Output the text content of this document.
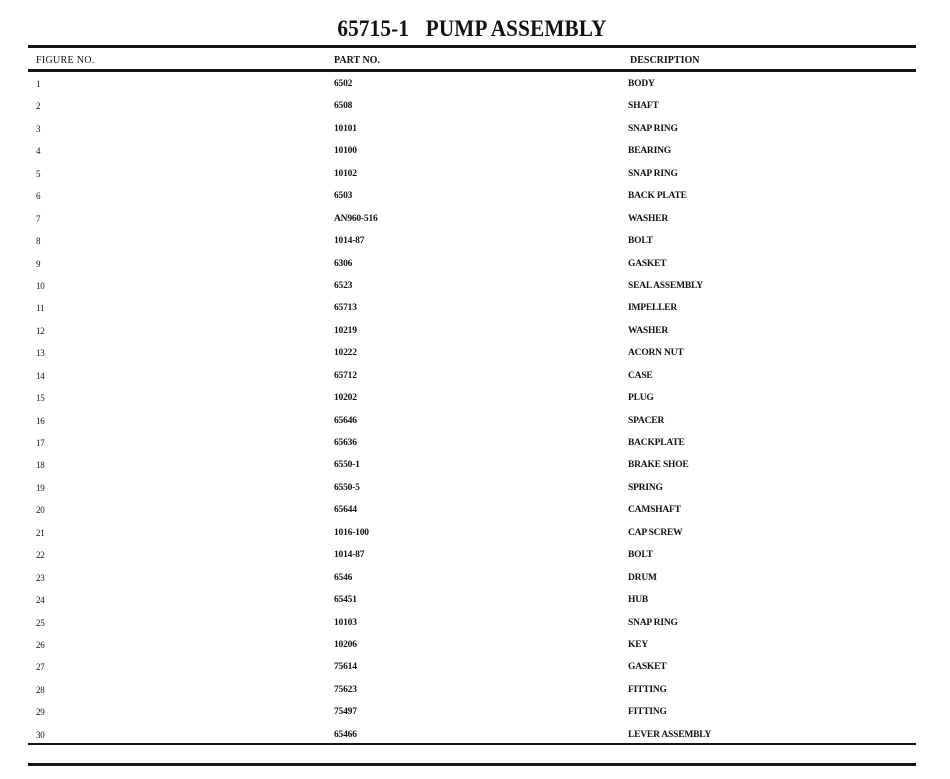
65715-1 PUMP ASSEMBLY
FIGURE NO.	PART NO.	DESCRIPTION
1	6502	BODY
2	6508	SHAFT
3	10101	SNAP RING
4	10100	BEARING
5	10102	SNAP RING
6	6503	BACK PLATE
7	AN960-516	WASHER
8	1014-87	BOLT
9	6306	GASKET
10	6523	SEAL ASSEMBLY
11	65713	IMPELLER
12	10219	WASHER
13	10222	ACORN NUT
14	65712	CASE
15	10202	PLUG
16	65646	SPACER
17	65636	BACKPLATE
18	6550-1	BRAKE SHOE
19	6550-5	SPRING
20	65644	CAMSHAFT
21	1016-100	CAP SCREW
22	1014-87	BOLT
23	6546	DRUM
24	65451	HUB
25	10103	SNAP RING
26	10206	KEY
27	75614	GASKET
28	75623	FITTING
29	75497	FITTING
30	65466	LEVER ASSEMBLY
